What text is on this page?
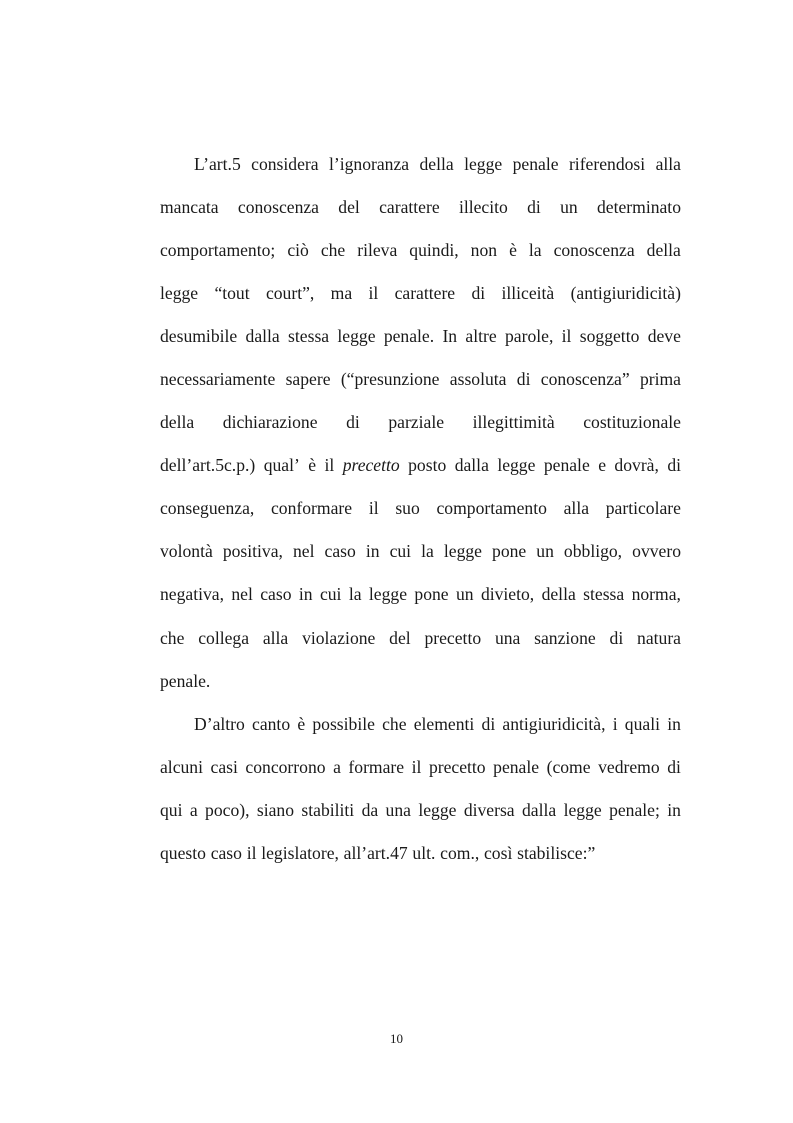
L’art.5 considera l’ignoranza della legge penale riferendosi alla
mancata conoscenza del carattere illecito di un determinato
comportamento; ciò che rileva quindi, non è la conoscenza della
legge “tout court”, ma il carattere di illiceità (antigiuridicità)
desumibile dalla stessa legge penale. In altre parole, il soggetto deve
necessariamente sapere (“presunzione assoluta di conoscenza” prima
della dichiarazione di parziale illegittimità costituzionale
dell’art.5c.p.) qual’ è il precetto posto dalla legge penale e dovrà, di
conseguenza, conformare il suo comportamento alla particolare
volontà positiva, nel caso in cui la legge pone un obbligo, ovvero
negativa, nel caso in cui la legge pone un divieto, della stessa norma,
che collega alla violazione del precetto una sanzione di natura
penale.
D’altro canto è possibile che elementi di antigiuridicità, i quali in
alcuni casi concorrono a formare il precetto penale (come vedremo di
qui a poco), siano stabiliti da una legge diversa dalla legge penale; in
questo caso il legislatore, all’art.47 ult. com., così stabilisce:”
10
